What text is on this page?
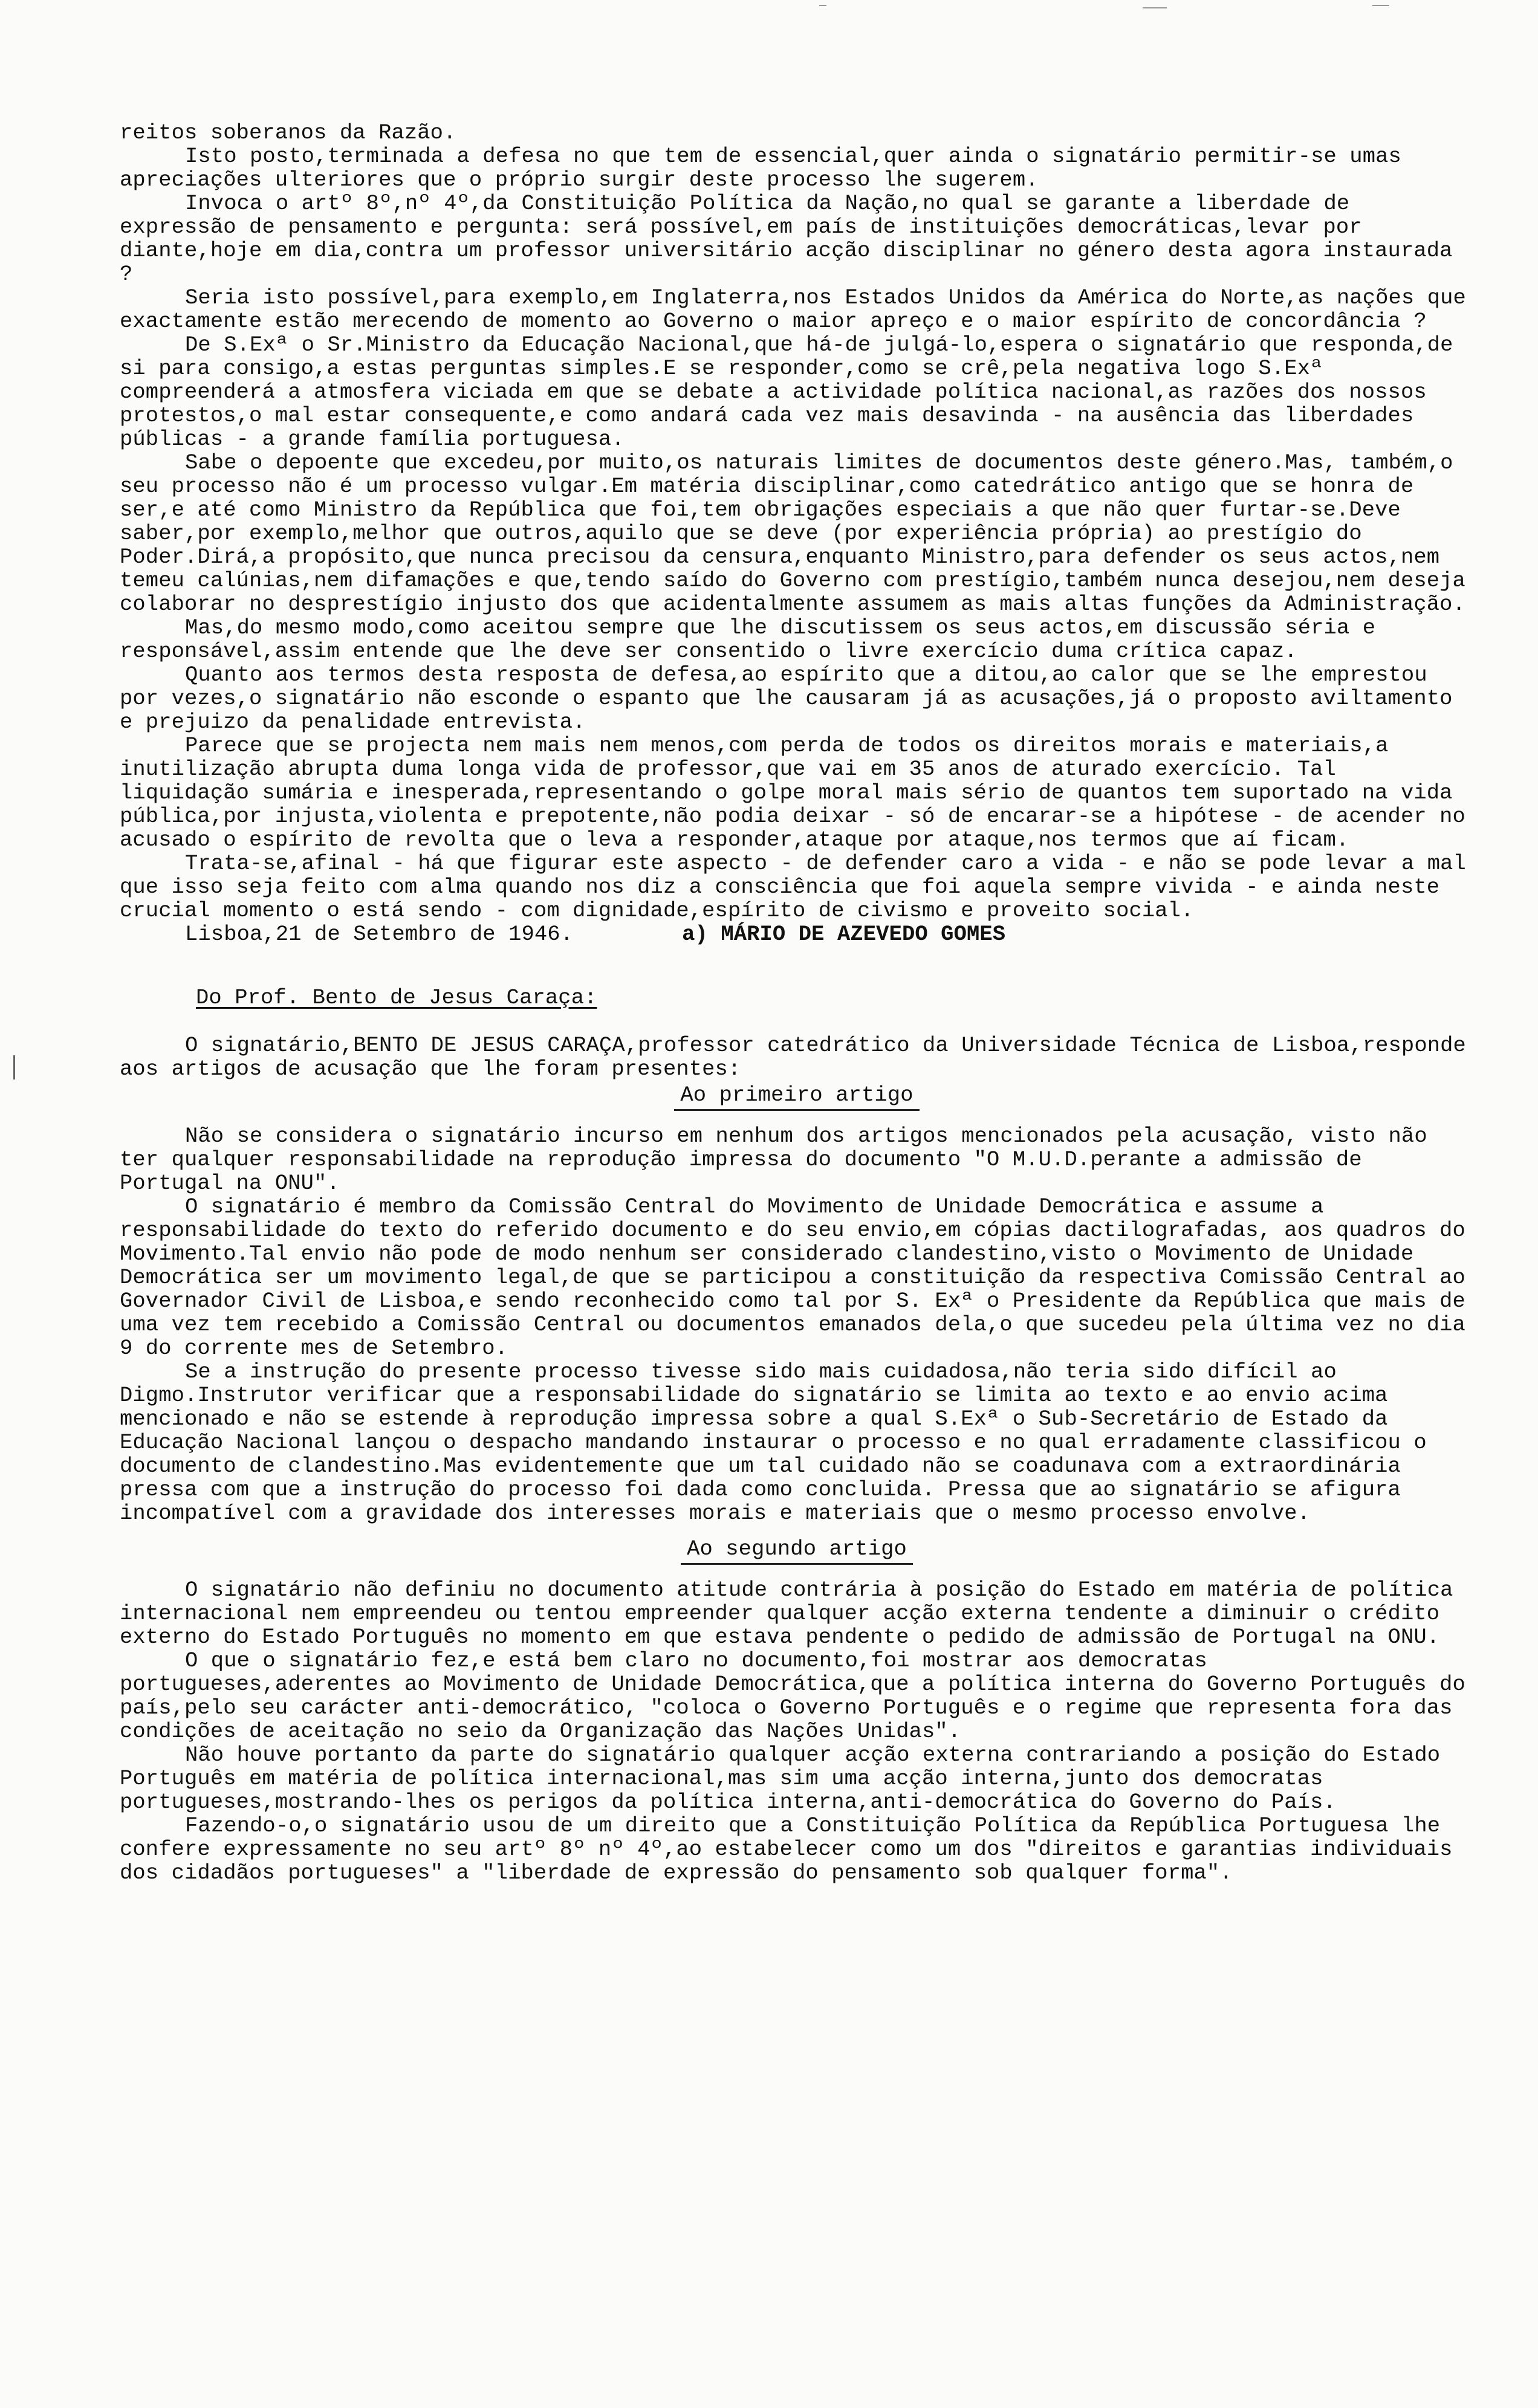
reitos soberanos da Razão.

Isto posto,terminada a defesa no que tem de essencial,quer ainda o signatário permitir-se umas apreciações ulteriores que o próprio surgir deste processo lhe sugerem.

Invoca o artº 8º,nº 4º,da Constituição Política da Nação,no qual se garante a liberdade de expressão de pensamento e pergunta: será possível,em país de instituições democráticas,levar por diante,hoje em dia,contra um professor universitário acção disciplinar no género desta agora instaurada ?

Seria isto possível,para exemplo,em Inglaterra,nos Estados Unidos da América do Norte,as nações que exactamente estão merecendo de momento ao Governo o maior apreço e o maior espírito de concordância ?

De S.Exª o Sr.Ministro da Educação Nacional,que há-de julgá-lo,espera o signatário que responda,de si para consigo,a estas perguntas simples.E se responder,como se crê,pela negativa logo S.Exª compreenderá a atmosfera viciada em que se debate a actividade política nacional,as razões dos nossos protestos,o mal estar consequente,e como andará cada vez mais desavinda - na ausência das liberdades públicas - a grande família portuguesa.

Sabe o depoente que excedeu,por muito,os naturais limites de documentos deste género.Mas, também,o seu processo não é um processo vulgar.Em matéria disciplinar,como catedrático antigo que se honra de ser,e até como Ministro da República que foi,tem obrigações especiais a que não quer furtar-se.Deve saber,por exemplo,melhor que outros,aquilo que se deve (por experiência própria) ao prestígio do Poder.Dirá,a propósito,que nunca precisou da censura,enquanto Ministro,para defender os seus actos,nem temeu calúnias,nem difamações e que,tendo saído do Governo com prestígio,também nunca desejou,nem deseja colaborar no desprestígio injusto dos que acidentalmente assumem as mais altas funções da Administração.

Mas,do mesmo modo,como aceitou sempre que lhe discutissem os seus actos,em discussão séria e responsável,assim entende que lhe deve ser consentido o livre exercício duma crítica capaz.

Quanto aos termos desta resposta de defesa,ao espírito que a ditou,ao calor que se lhe emprestou por vezes,o signatário não esconde o espanto que lhe causaram já as acusações,já o proposto aviltamento e prejuizo da penalidade entrevista.

Parece que se projecta nem mais nem menos,com perda de todos os direitos morais e materiais,a inutilização abrupta duma longa vida de professor,que vai em 35 anos de aturado exercício. Tal liquidação sumária e inesperada,representando o golpe moral mais sério de quantos tem suportado na vida pública,por injusta,violenta e prepotente,não podia deixar - só de encarar-se a hipótese - de acender no acusado o espírito de revolta que o leva a responder,ataque por ataque,nos termos que aí ficam.

Trata-se,afinal - há que figurar este aspecto - de defender caro a vida - e não se pode levar a mal que isso seja feito com alma quando nos diz a consciência que foi aquela sempre vivida - e ainda neste crucial momento o está sendo - com dignidade,espírito de civismo e proveito social.

Lisboa,21 de Setembro de 1946.	a) MÁRIO DE AZEVEDO GOMES

Do Prof. Bento de Jesus Caraça:

O signatário,BENTO DE JESUS CARAÇA,professor catedrático da Universidade Técnica de Lisboa,responde aos artigos de acusação que lhe foram presentes:

Ao primeiro artigo

Não se considera o signatário incurso em nenhum dos artigos mencionados pela acusação, visto não ter qualquer responsabilidade na reprodução impressa do documento "O M.U.D.perante a admissão de Portugal na ONU".

O signatário é membro da Comissão Central do Movimento de Unidade Democrática e assume a responsabilidade do texto do referido documento e do seu envio,em cópias dactilografadas, aos quadros do Movimento.Tal envio não pode de modo nenhum ser considerado clandestino,visto o Movimento de Unidade Democrática ser um movimento legal,de que se participou a constituição da respectiva Comissão Central ao Governador Civil de Lisboa,e sendo reconhecido como tal por S. Exª o Presidente da República que mais de uma vez tem recebido a Comissão Central ou documentos emanados dela,o que sucedeu pela última vez no dia 9 do corrente mes de Setembro.

Se a instrução do presente processo tivesse sido mais cuidadosa,não teria sido difícil ao Digmo.Instrutor verificar que a responsabilidade do signatário se limita ao texto e ao envio acima mencionado e não se estende à reprodução impressa sobre a qual S.Exª o Sub-Secretário de Estado da Educação Nacional lançou o despacho mandando instaurar o processo e no qual erradamente classificou o documento de clandestino.Mas evidentemente que um tal cuidado não se coadunava com a extraordinária pressa com que a instrução do processo foi dada como concluida. Pressa que ao signatário se afigura incompatível com a gravidade dos interesses morais e materiais que o mesmo processo envolve.

Ao segundo artigo

O signatário não definiu no documento atitude contrária à posição do Estado em matéria de política internacional nem empreendeu ou tentou empreender qualquer acção externa tendente a diminuir o crédito externo do Estado Português no momento em que estava pendente o pedido de admissão de Portugal na ONU.

O que o signatário fez,e está bem claro no documento,foi mostrar aos democratas portugueses,aderentes ao Movimento de Unidade Democrática,que a política interna do Governo Português do país,pelo seu carácter anti-democrático, "coloca o Governo Português e o regime que representa fora das condições de aceitação no seio da Organização das Nações Unidas".

Não houve portanto da parte do signatário qualquer acção externa contrariando a posição do Estado Português em matéria de política internacional,mas sim uma acção interna,junto dos democratas portugueses,mostrando-lhes os perigos da política interna,anti-democrática do Governo do País.

Fazendo-o,o signatário usou de um direito que a Constituição Política da República Portuguesa lhe confere expressamente no seu artº 8º nº 4º,ao estabelecer como um dos "direitos e garantias individuais dos cidadãos portugueses" a "liberdade de expressão do pensamento sob qualquer forma".
